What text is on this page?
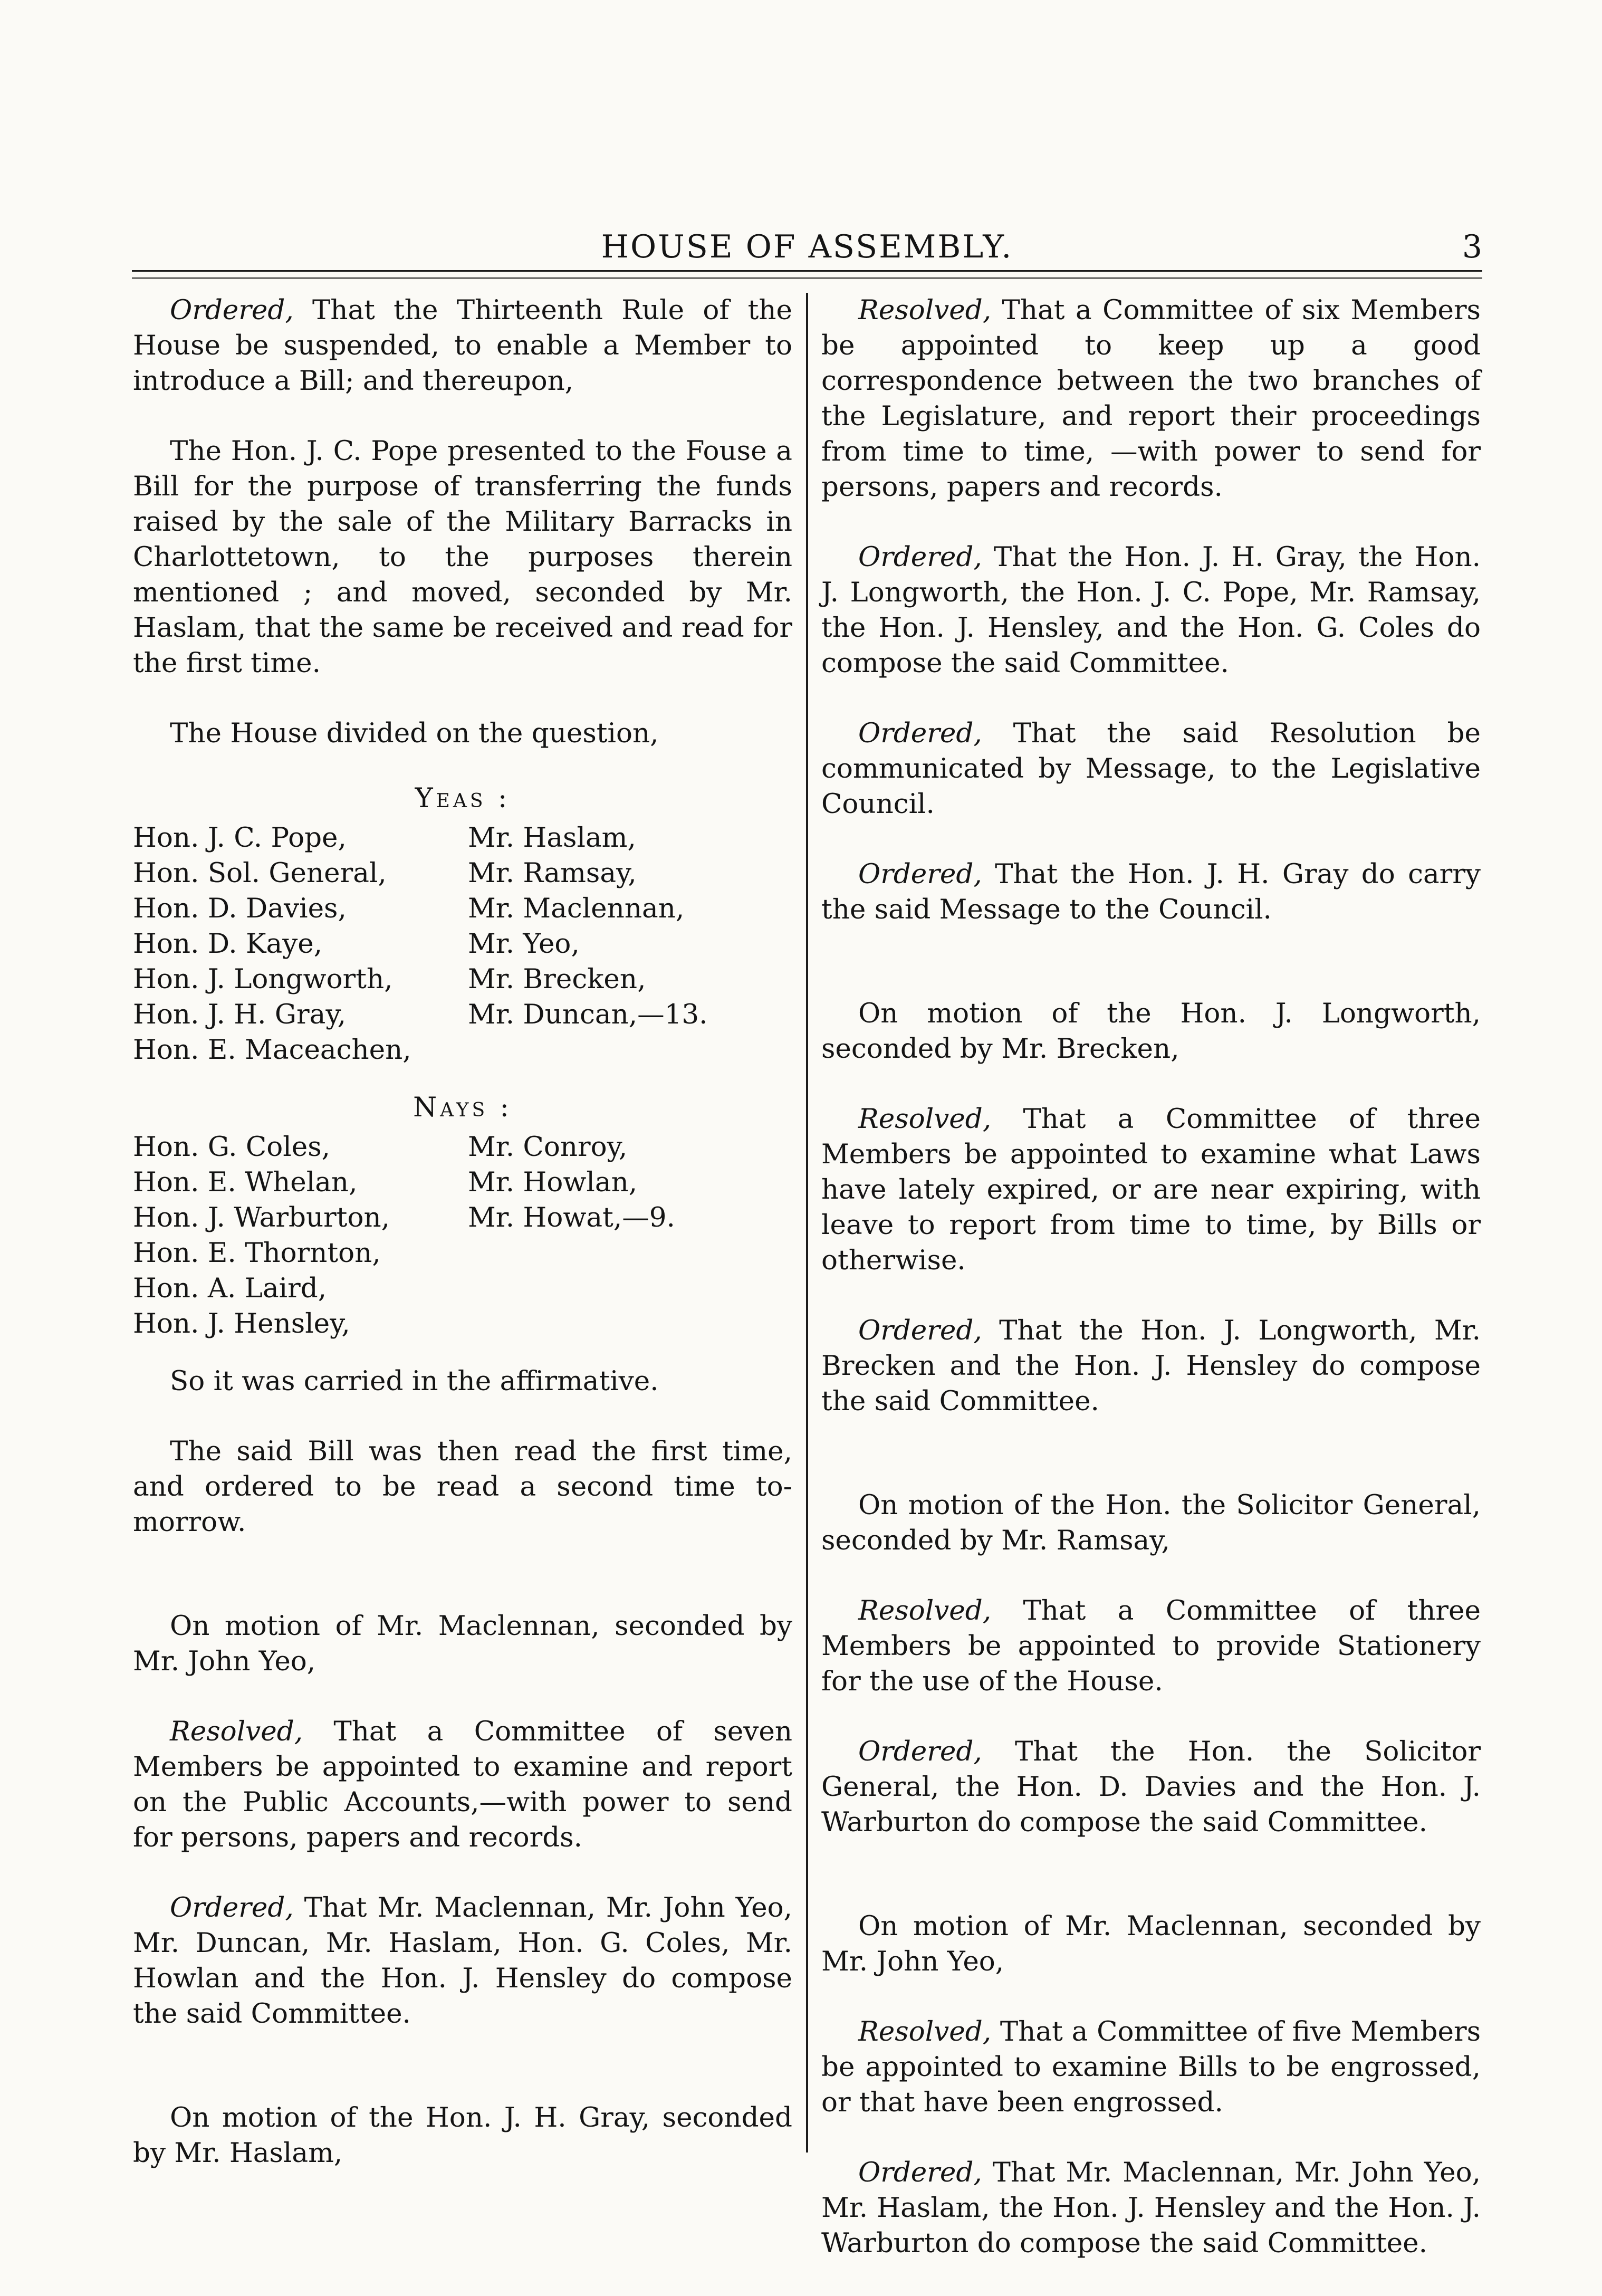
HOUSE OF ASSEMBLY.	3

Ordered, That the Thirteenth Rule of the House be suspended, to enable a Member to introduce a Bill; and thereupon,

The Hon. J. C. Pope presented to the Fouse a Bill for the purpose of transferring the funds raised by the sale of the Military Barracks in Charlottetown, to the purposes therein mentioned ; and moved, seconded by Mr. Haslam, that the same be received and read for the first time.

The House divided on the question,

Yeas :
Hon. J. C. Pope,	Mr. Haslam,
Hon. Sol. General,	Mr. Ramsay,
Hon. D. Davies,	Mr. Maclennan,
Hon. D. Kaye,	Mr. Yeo,
Hon. J. Longworth,	Mr. Brecken,
Hon. J. H. Gray,	Mr. Duncan,—13.
Hon. E. Maceachen,
Nays :
Hon. G. Coles,	Mr. Conroy,
Hon. E. Whelan,	Mr. Howlan,
Hon. J. Warburton,	Mr. Howat,—9.
Hon. E. Thornton,
Hon. A. Laird,
Hon. J. Hensley,

So it was carried in the affirmative.

The said Bill was then read the first time, and ordered to be read a second time to-morrow.

On motion of Mr. Maclennan, seconded by Mr. John Yeo,

Resolved, That a Committee of seven Members be appointed to examine and report on the Public Accounts,—with power to send for persons, papers and records.

Ordered, That Mr. Maclennan, Mr. John Yeo, Mr. Duncan, Mr. Haslam, Hon. G. Coles, Mr. Howlan and the Hon. J. Hensley do compose the said Committee.

On motion of the Hon. J. H. Gray, seconded by Mr. Haslam,

Resolved, That a Committee of six Members be appointed to keep up a good correspondence between the two branches of the Legislature, and report their proceedings from time to time, —with power to send for persons, papers and records.

Ordered, That the Hon. J. H. Gray, the Hon. J. Longworth, the Hon. J. C. Pope, Mr. Ramsay, the Hon. J. Hensley, and the Hon. G. Coles do compose the said Committee.

Ordered, That the said Resolution be communicated by Message, to the Legislative Council.

Ordered, That the Hon. J. H. Gray do carry the said Message to the Council.

On motion of the Hon. J. Longworth, seconded by Mr. Brecken,

Resolved, That a Committee of three Members be appointed to examine what Laws have lately expired, or are near expiring, with leave to report from time to time, by Bills or otherwise.

Ordered, That the Hon. J. Longworth, Mr. Brecken and the Hon. J. Hensley do compose the said Committee.

On motion of the Hon. the Solicitor General, seconded by Mr. Ramsay,

Resolved, That a Committee of three Members be appointed to provide Stationery for the use of the House.

Ordered, That the Hon. the Solicitor General, the Hon. D. Davies and the Hon. J. Warburton do compose the said Committee.

On motion of Mr. Maclennan, seconded by Mr. John Yeo,

Resolved, That a Committee of five Members be appointed to examine Bills to be engrossed, or that have been engrossed.

Ordered, That Mr. Maclennan, Mr. John Yeo, Mr. Haslam, the Hon. J. Hensley and the Hon. J. Warburton do compose the said Committee.
